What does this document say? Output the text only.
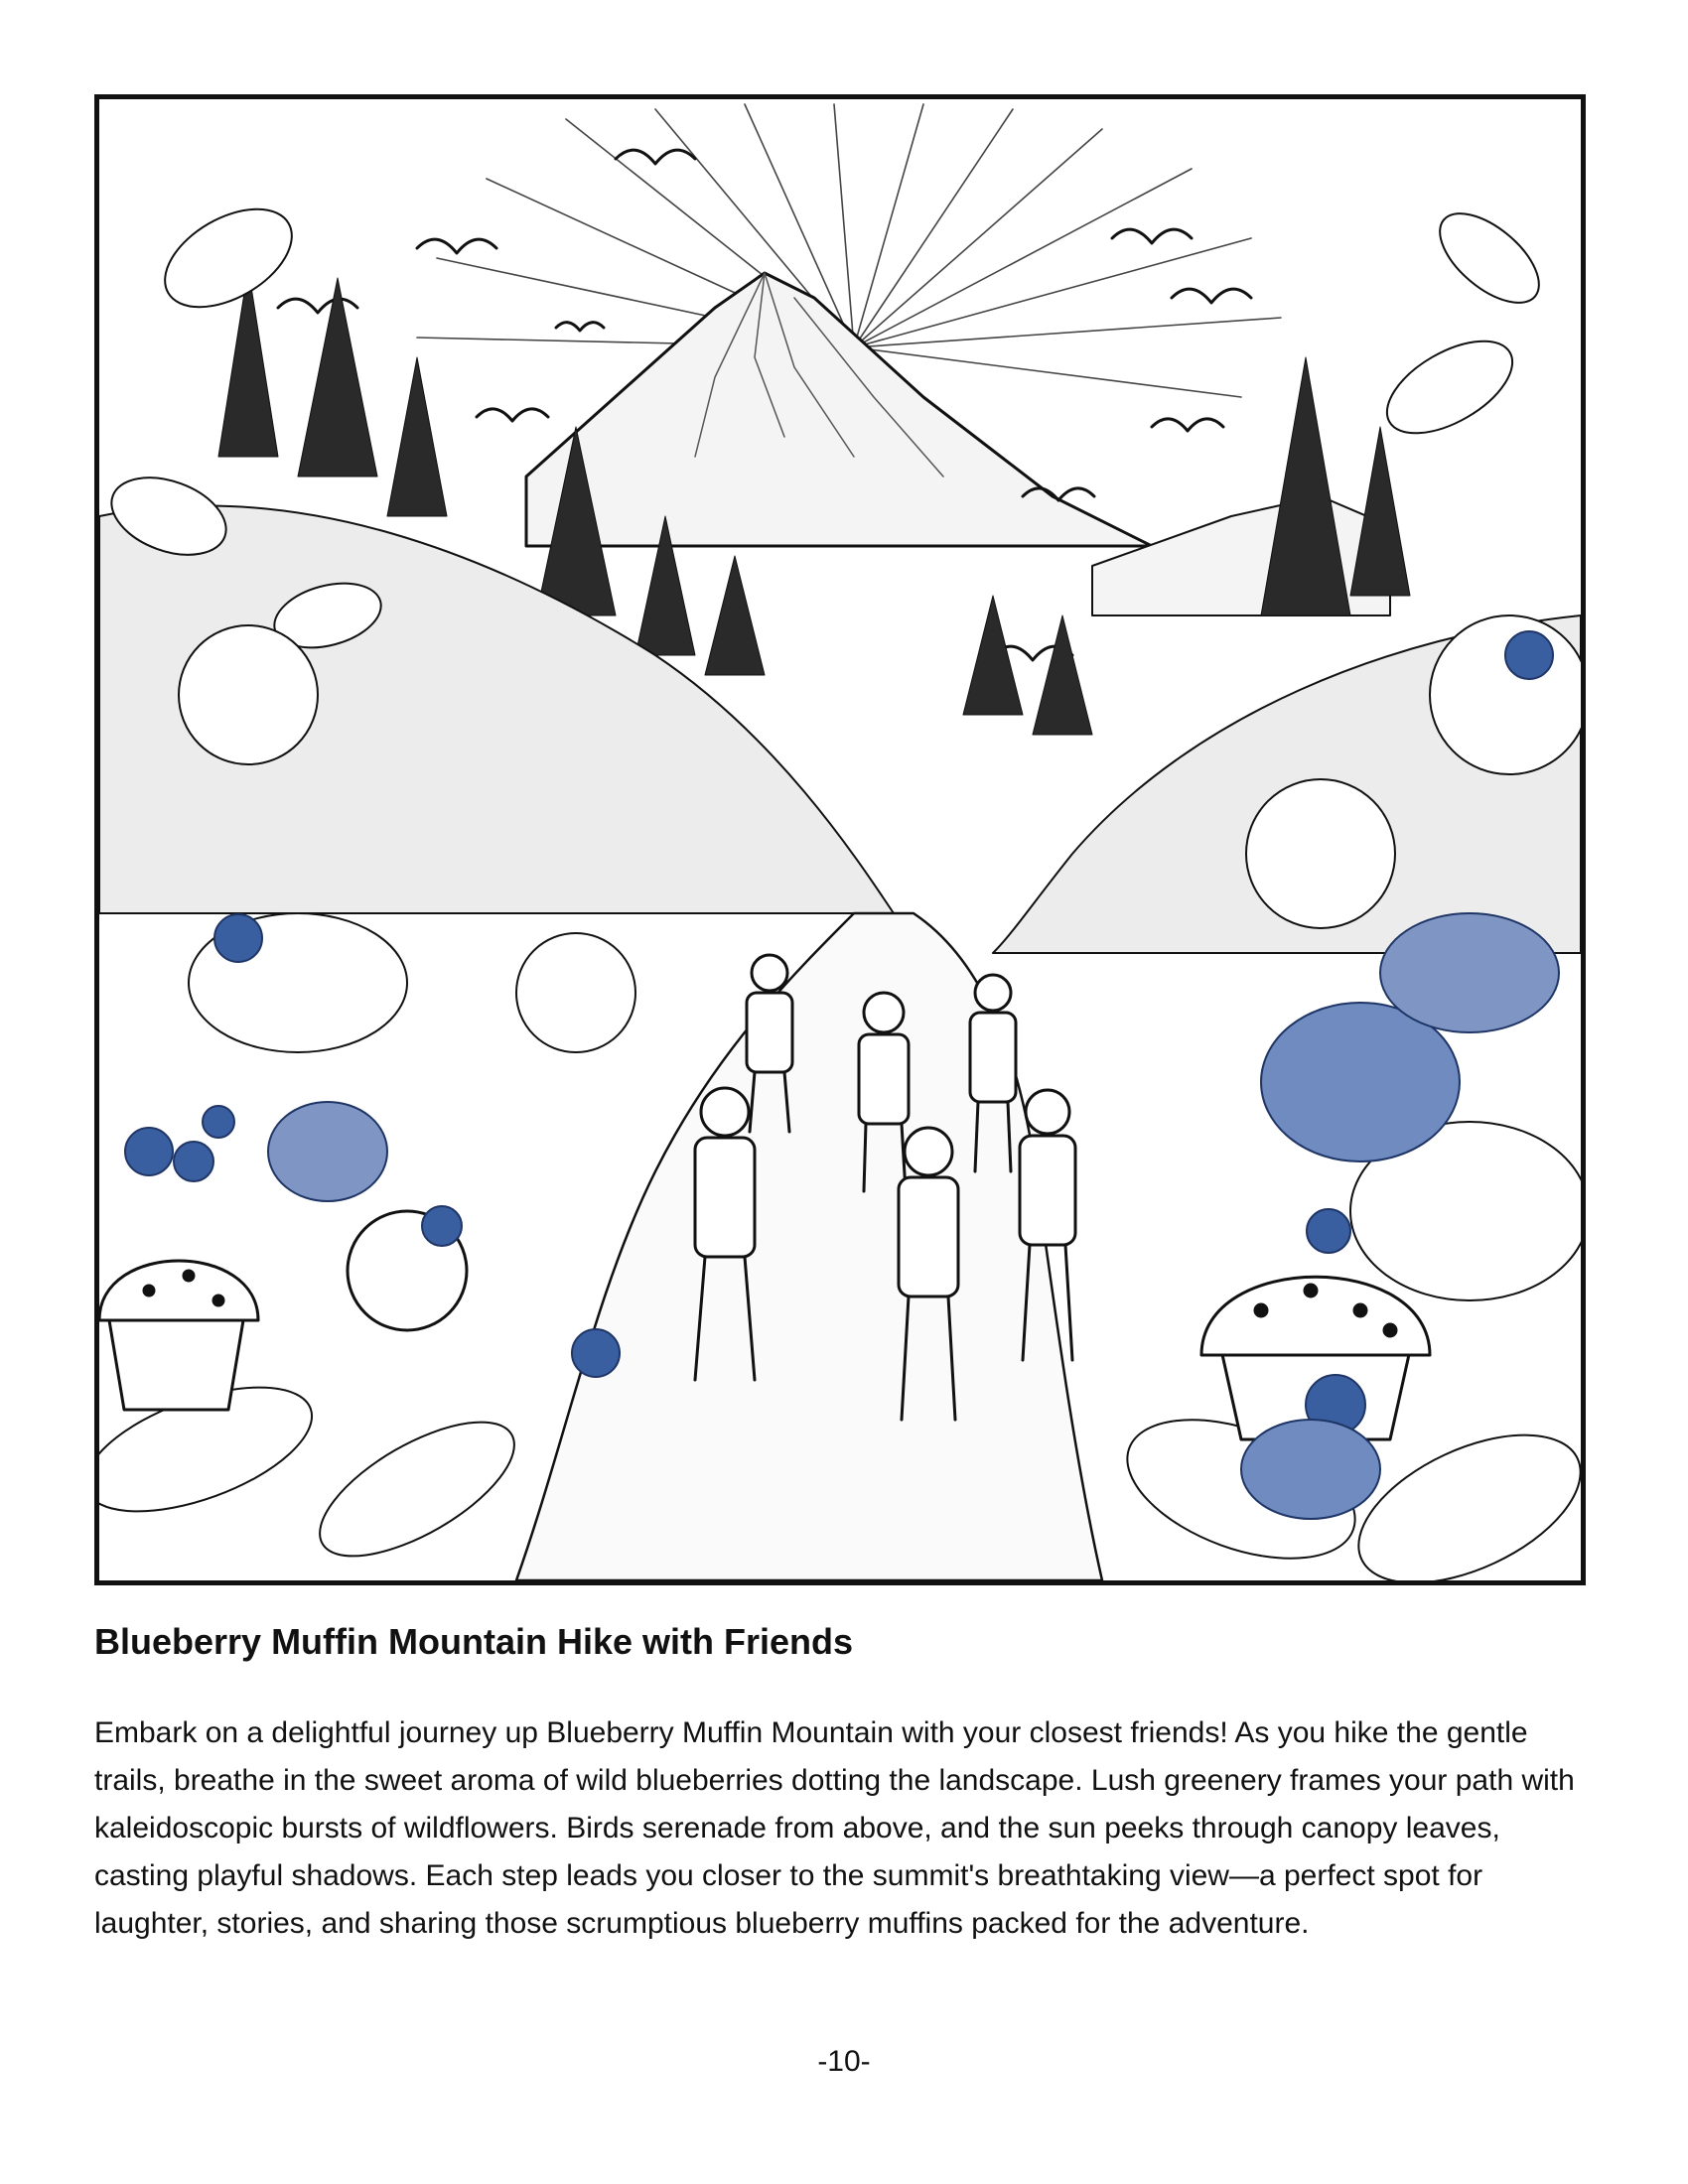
Blueberry Muffin Mountain Hike with Friends

Embark on a delightful journey up Blueberry Muffin Mountain with your closest friends! As you hike the gentle trails, breathe in the sweet aroma of wild blueberries dotting the landscape. Lush greenery frames your path with kaleidoscopic bursts of wildflowers. Birds serenade from above, and the sun peeks through canopy leaves, casting playful shadows. Each step leads you closer to the summit's breathtaking view—a perfect spot for laughter, stories, and sharing those scrumptious blueberry muffins packed for the adventure.

-10-
